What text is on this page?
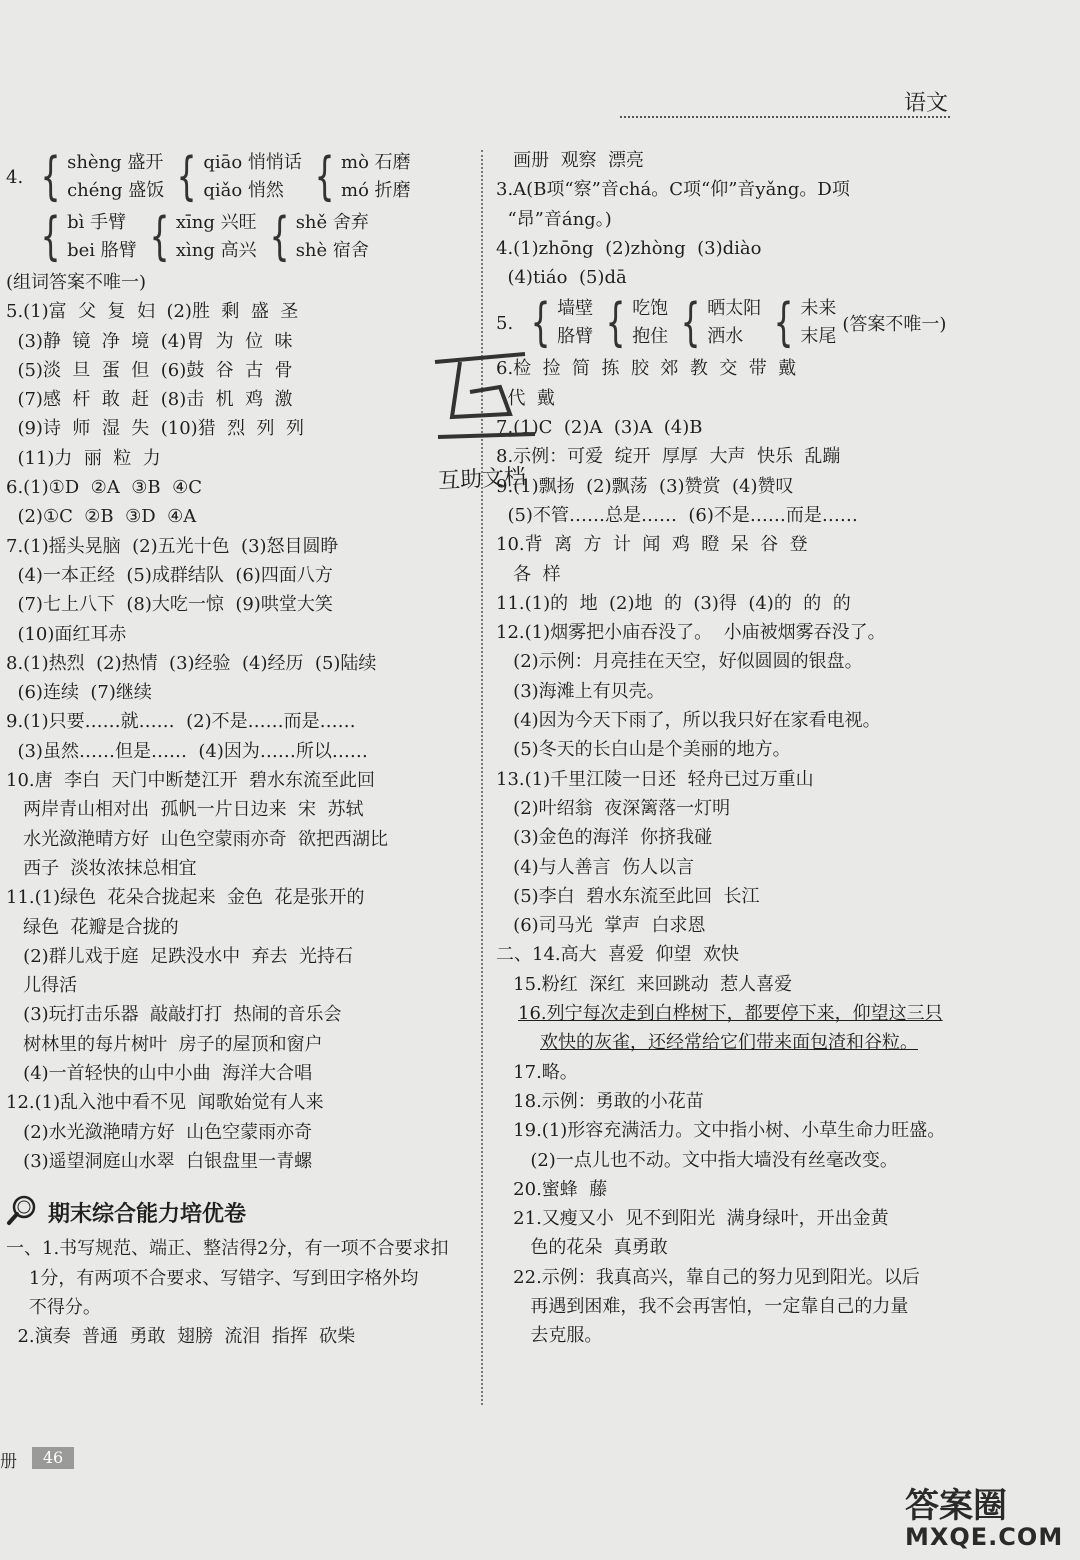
语文
4. { shèng 盛开
chéng 盛饭 { qiāo 悄悄话
qiǎo 悄然 { mò 石磨
mó 折磨
{ bì 手臂
bei 胳臂 { xīng 兴旺
xìng 高兴 { shě 舍弃
shè 宿舍
(组词答案不唯一)
5.(1)富  父  复  妇  (2)胜  剩  盛  圣
(3)静  镜  净  境  (4)胃  为  位  味
(5)淡  旦  蛋  但  (6)鼓  谷  古  骨
(7)感  杆  敢  赶  (8)击  机  鸡  激
(9)诗  师  湿  失  (10)猎  烈  列  列
(11)力  丽  粒  力
6.(1)①D  ②A  ③B  ④C
(2)①C  ②B  ③D  ④A
7.(1)摇头晃脑  (2)五光十色  (3)怒目圆睁
(4)一本正经  (5)成群结队  (6)四面八方
(7)七上八下  (8)大吃一惊  (9)哄堂大笑
(10)面红耳赤
8.(1)热烈  (2)热情  (3)经验  (4)经历  (5)陆续
(6)连续  (7)继续
9.(1)只要……就……  (2)不是……而是……
(3)虽然……但是……  (4)因为……所以……
10.唐  李白  天门中断楚江开  碧水东流至此回
两岸青山相对出  孤帆一片日边来  宋  苏轼
水光潋滟晴方好  山色空蒙雨亦奇  欲把西湖比
西子  淡妆浓抹总相宜
11.(1)绿色  花朵合拢起来  金色  花是张开的
绿色  花瓣是合拢的
(2)群儿戏于庭  足跌没水中  弃去  光持石
儿得活
(3)玩打击乐器  敲敲打打  热闹的音乐会
树林里的每片树叶  房子的屋顶和窗户
(4)一首轻快的山中小曲  海洋大合唱
12.(1)乱入池中看不见  闻歌始觉有人来
(2)水光潋滟晴方好  山色空蒙雨亦奇
(3)遥望洞庭山水翠  白银盘里一青螺
期末综合能力培优卷
一、1.书写规范、端正、整洁得2分，有一项不合要求扣
1分，有两项不合要求、写错字、写到田字格外均
不得分。
2.演奏  普通  勇敢  翅膀  流泪  指挥  砍柴
画册  观察  漂亮
3.A(B项“察”音chá。C项“仰”音yǎng。D项
“昂”音áng。)
4.(1)zhōng  (2)zhòng  (3)diào
(4)tiáo  (5)dā
5. { 墙壁
胳臂 { 吃饱
抱住 { 晒太阳
洒水 { 未来
末尾
(答案不唯一)
6.检  捡  简  拣  胶  郊  教  交  带  戴
代  戴
7.(1)C  (2)A  (3)A  (4)B
8.示例：可爱  绽开  厚厚  大声  快乐  乱蹦
9.(1)飘扬  (2)飘荡  (3)赞赏  (4)赞叹
(5)不管……总是……  (6)不是……而是……
10.背  离  方  计  闻  鸡  瞪  呆  谷  登
各  样
11.(1)的  地  (2)地  的  (3)得  (4)的  的  的
12.(1)烟雾把小庙吞没了。  小庙被烟雾吞没了。
(2)示例：月亮挂在天空，好似圆圆的银盘。
(3)海滩上有贝壳。
(4)因为今天下雨了，所以我只好在家看电视。
(5)冬天的长白山是个美丽的地方。
13.(1)千里江陵一日还  轻舟已过万重山
(2)叶绍翁  夜深篱落一灯明
(3)金色的海洋  你挤我碰
(4)与人善言  伤人以言
(5)李白  碧水东流至此回  长江
(6)司马光  掌声  白求恩
二、14.高大  喜爱  仰望  欢快
15.粉红  深红  来回跳动  惹人喜爱
16.列宁每次走到白桦树下，都要停下来，仰望这三只
欢快的灰雀，还经常给它们带来面包渣和谷粒。
17.略。
18.示例：勇敢的小花苗
19.(1)形容充满活力。文中指小树、小草生命力旺盛。
(2)一点儿也不动。文中指大墙没有丝毫改变。
20.蜜蜂  藤
21.又瘦又小  见不到阳光  满身绿叶，开出金黄
色的花朵  真勇敢
22.示例：我真高兴，靠自己的努力见到阳光。以后
再遇到困难，我不会再害怕，一定靠自己的力量
去克服。
互助文档
册	46
答案圈
MXQE.COM
